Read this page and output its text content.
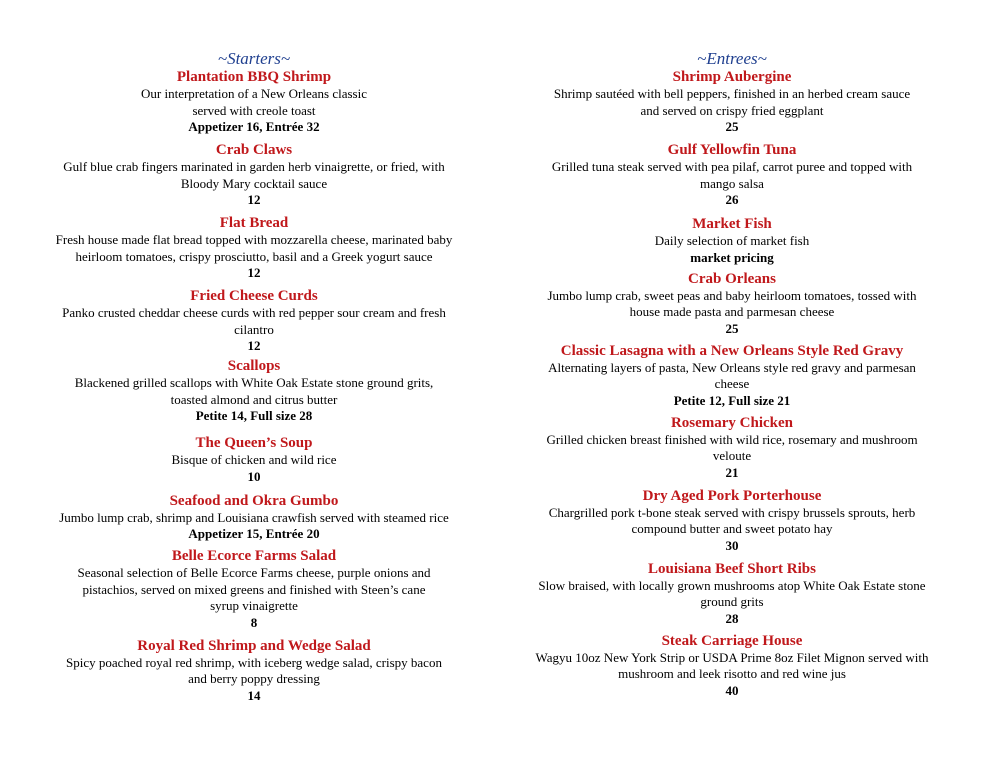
~Starters~
Plantation BBQ Shrimp
Our interpretation of a New Orleans classic
served with creole toast
Appetizer 16, Entrée 32
Crab Claws
Gulf blue crab fingers marinated in garden herb vinaigrette, or fried, with
Bloody Mary cocktail sauce
12
Flat Bread
Fresh house made flat bread topped with mozzarella cheese, marinated baby
heirloom tomatoes, crispy prosciutto, basil and a Greek yogurt sauce
12
Fried Cheese Curds
Panko crusted cheddar cheese curds with red pepper sour cream and fresh
cilantro
12
Scallops
Blackened grilled scallops with White Oak Estate stone ground grits,
toasted almond and citrus butter
Petite 14, Full size 28
The Queen’s Soup
Bisque of chicken and wild rice
10
Seafood and Okra Gumbo
Jumbo lump crab, shrimp and Louisiana crawfish served with steamed rice
Appetizer 15, Entrée 20
Belle Ecorce Farms Salad
Seasonal selection of Belle Ecorce Farms cheese, purple onions and
pistachios, served on mixed greens and finished with Steen’s cane
syrup vinaigrette
8
Royal Red Shrimp and Wedge Salad
Spicy poached royal red shrimp, with iceberg wedge salad, crispy bacon
and berry poppy dressing
14
~Entrees~
Shrimp Aubergine
Shrimp sautéed with bell peppers, finished in an herbed cream sauce
and served on crispy fried eggplant
25
Gulf Yellowfin Tuna
Grilled tuna steak served with pea pilaf, carrot puree and topped with
mango salsa
26
Market Fish
Daily selection of market fish
market pricing
Crab Orleans
Jumbo lump crab, sweet peas and baby heirloom tomatoes, tossed with
house made pasta and parmesan cheese
25
Classic Lasagna with a New Orleans Style Red Gravy
Alternating layers of pasta, New Orleans style red gravy and parmesan
cheese
Petite 12, Full size 21
Rosemary Chicken
Grilled chicken breast finished with wild rice, rosemary and mushroom
veloute
21
Dry Aged Pork Porterhouse
Chargrilled pork t-bone steak served with crispy brussels sprouts, herb
compound butter and sweet potato hay
30
Louisiana Beef Short Ribs
Slow braised, with locally grown mushrooms atop White Oak Estate stone
ground grits
28
Steak Carriage House
Wagyu 10oz New York Strip or USDA Prime 8oz Filet Mignon served with
mushroom and leek risotto and red wine jus
40
